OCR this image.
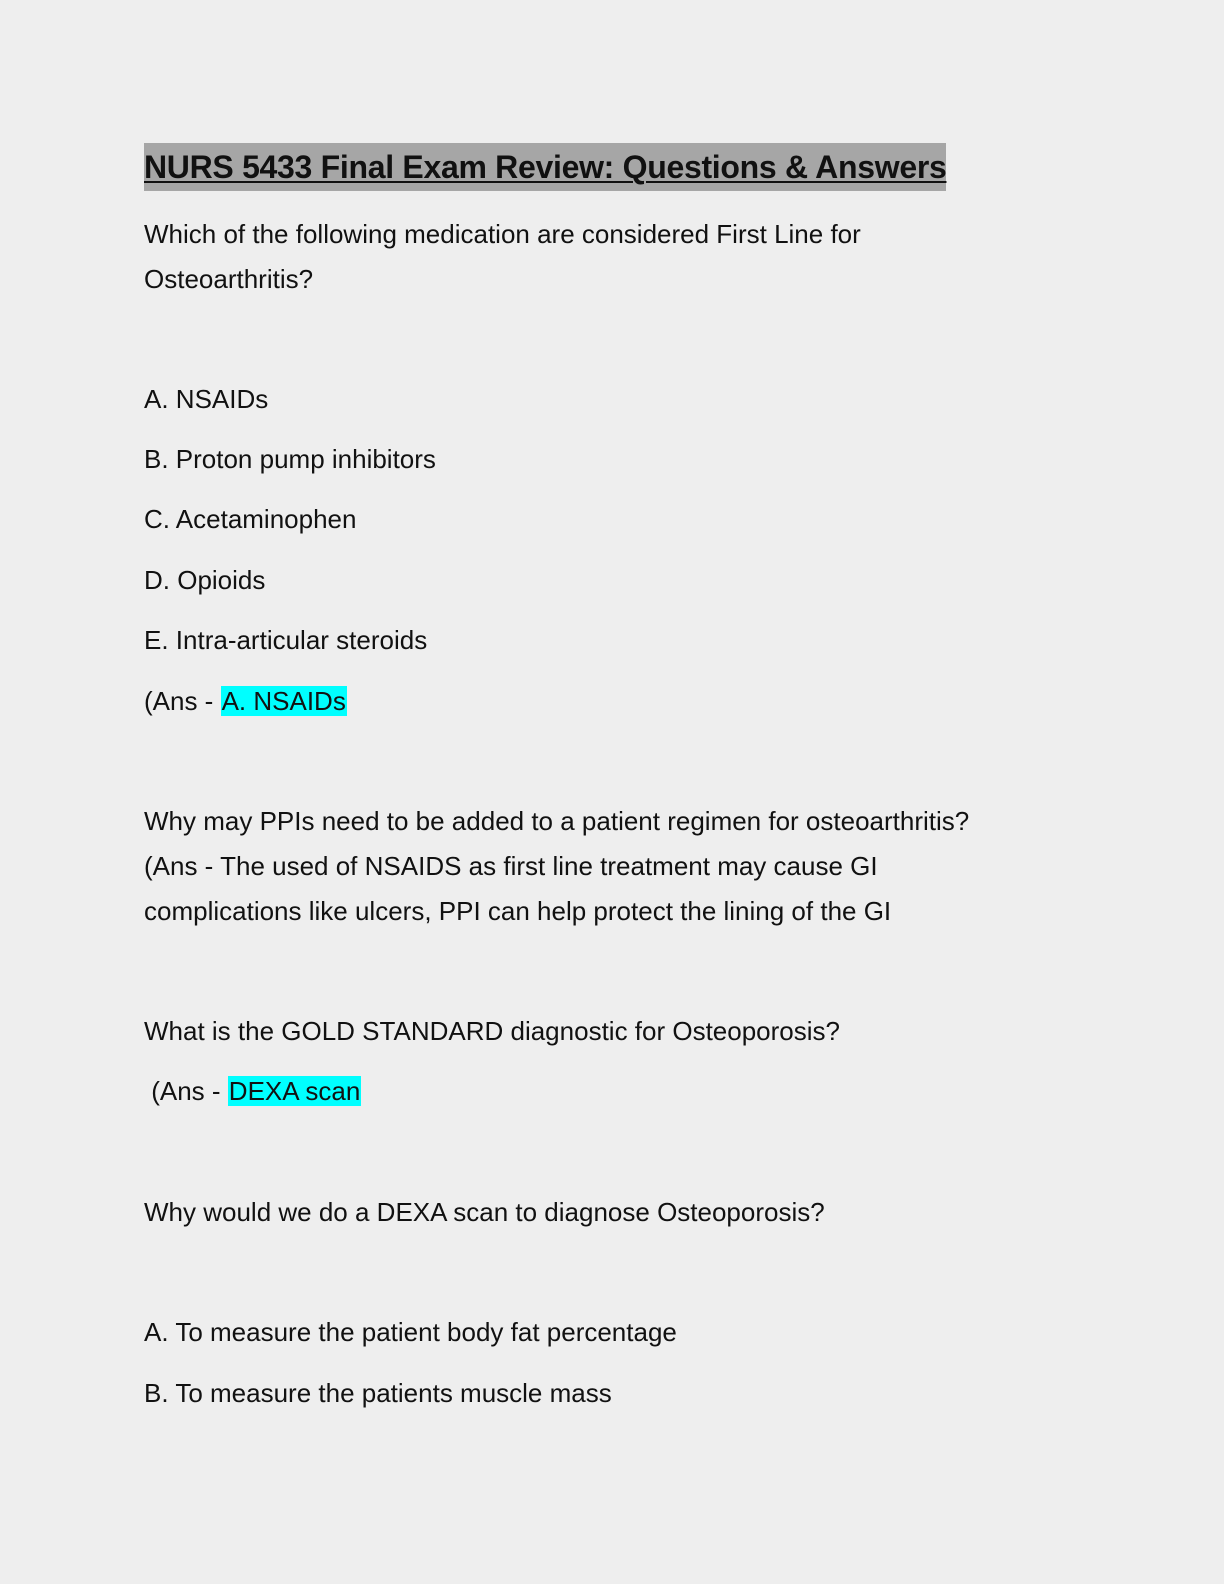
NURS 5433 Final Exam Review: Questions & Answers

Which of the following medication are considered First Line for

Osteoarthritis?

A. NSAIDs

B. Proton pump inhibitors

C. Acetaminophen

D. Opioids

E. Intra-articular steroids

(Ans - A. NSAIDs

Why may PPIs need to be added to a patient regimen for osteoarthritis?

(Ans - The used of NSAIDS as first line treatment may cause GI

complications like ulcers, PPI can help protect the lining of the GI

What is the GOLD STANDARD diagnostic for Osteoporosis?

(Ans - DEXA scan

Why would we do a DEXA scan to diagnose Osteoporosis?

A. To measure the patient body fat percentage

B. To measure the patients muscle mass
